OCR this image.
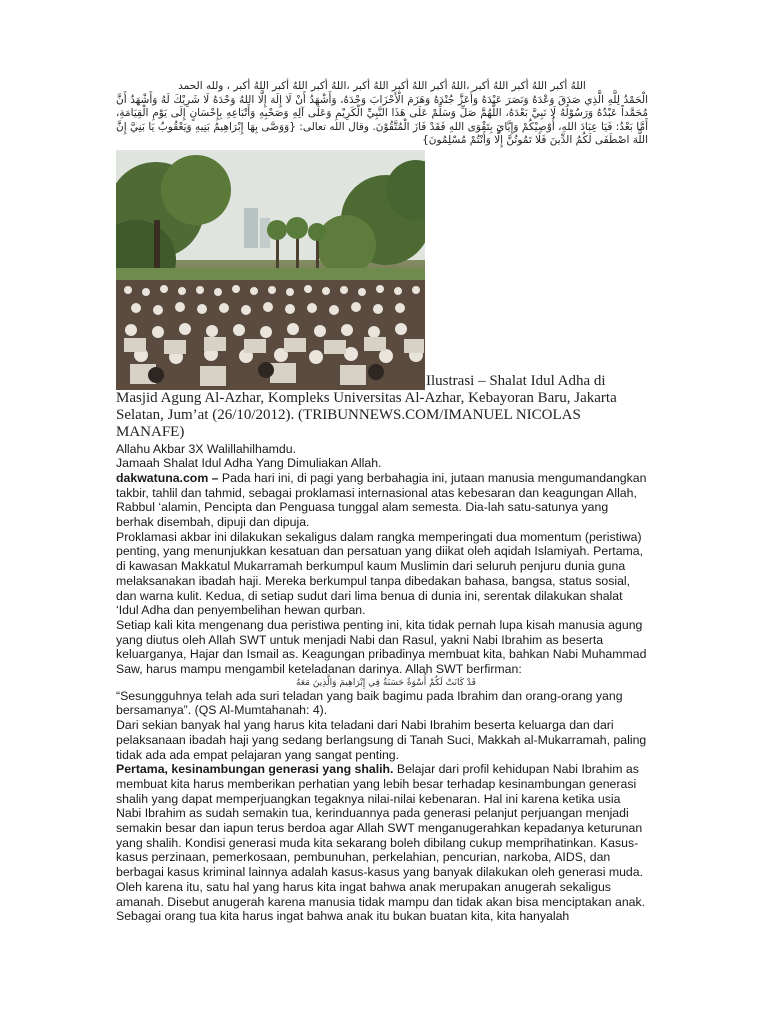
اللهُ أكبر اللهُ أكبر اللهُ أكبر ،اللهُ أكبر اللهُ أكبر اللهُ أكبر ،اللهُ أكبر اللهُ أكبر اللهُ أكبر ، ولله الحمد
الْحَمْدُ لِلَّهِ الَّذِي صَدَقَ وَعْدَهُ وَنَصَرَ عَبْدَهُ وَأَعَزَّ جُنْدَهُ وَهَزَمَ الْأَحْزَابَ وَحْدَهُ، وَأَشْهَدُ أَنْ لَا إِلَهَ إِلَّا اللهُ وَحْدَهُ لَا شَرِيْكَ لَهُ وَأَشْهَدُ أَنَّ مُحَمَّداً عَبْدُهُ وَرَسُوْلُهُ لَا نَبِيَّ بَعْدَهُ، اللَّهُمَّ صَلِّ وَسَلِّمْ عَلَى هَذَا النَّبِيِّ الْكَرِيْمِ وَعَلَى آلِهِ وَصَحْبِهِ وَأَتْبَاعِهِ بِإِحْسَانٍ إِلَى يَوْمِ الْقِيَامَةِ، أَمَّا بَعْدُ: فَيَا عِبَادَ اللهِ، أُوْصِيْكُمْ وَإِيَّايَ بِتَقْوَى اللهِ فَقَدْ فَازَ الْمُتَّقُوْنَ. وقال الله تعالى: {وَوَصَّى بِهَا إِبْرَاهِيمُ بَنِيهِ وَيَعْقُوبُ يَا بَنِيَّ إِنَّ اللَّهَ اصْطَفَى لَكُمُ الدِّينَ فَلَا تَمُوتُنَّ إِلَّا وَأَنْتُمْ مُسْلِمُونَ}
Ilustrasi – Shalat Idul Adha di Masjid Agung Al-Azhar, Kompleks Universitas Al-Azhar, Kebayoran Baru, Jakarta Selatan, Jum’at (26/10/2012). (TRIBUNNEWS.COM/IMANUEL NICOLAS MANAFE)

Allahu Akbar 3X Walillahilhamdu.

Jamaah Shalat Idul Adha Yang Dimuliakan Allah.

dakwatuna.com – Pada hari ini, di pagi yang berbahagia ini, jutaan manusia mengumandangkan takbir, tahlil dan tahmid, sebagai proklamasi internasional atas kebesaran dan keagungan Allah, Rabbul ‘alamin, Pencipta dan Penguasa tunggal alam semesta. Dia-lah satu-satunya yang berhak disembah, dipuji dan dipuja.

Proklamasi akbar ini dilakukan sekaligus dalam rangka memperingati dua momentum (peristiwa) penting, yang menunjukkan kesatuan dan persatuan yang diikat oleh aqidah Islamiyah. Pertama, di kawasan Makkatul Mukarramah berkumpul kaum Muslimin dari seluruh penjuru dunia guna melaksanakan ibadah haji. Mereka berkumpul tanpa dibedakan bahasa, bangsa, status sosial, dan warna kulit. Kedua, di setiap sudut dari lima benua di dunia ini, serentak dilakukan shalat ‘Idul Adha dan penyembelihan hewan qurban.

Setiap kali kita mengenang dua peristiwa penting ini, kita tidak pernah lupa kisah manusia agung yang diutus oleh Allah SWT untuk menjadi Nabi dan Rasul, yakni Nabi Ibrahim as beserta keluarganya, Hajar dan Ismail as. Keagungan pribadinya membuat kita, bahkan Nabi Muhammad Saw, harus mampu mengambil keteladanan darinya. Allah SWT berfirman:

قَدْ كَانَتْ لَكُمْ أُسْوَةٌ حَسَنَةٌ فِي إِبْرَاهِيمَ وَالَّذِينَ مَعَهُ

“Sesungguhnya telah ada suri teladan yang baik bagimu pada Ibrahim dan orang-orang yang bersamanya”. (QS Al-Mumtahanah: 4).

Dari sekian banyak hal yang harus kita teladani dari Nabi Ibrahim beserta keluarga dan dari pelaksanaan ibadah haji yang sedang berlangsung di Tanah Suci, Makkah al-Mukarramah, paling tidak ada ada empat pelajaran yang sangat penting.

Pertama, kesinambungan generasi yang shalih. Belajar dari profil kehidupan Nabi Ibrahim as membuat kita harus memberikan perhatian yang lebih besar terhadap kesinambungan generasi shalih yang dapat memperjuangkan tegaknya nilai-nilai kebenaran. Hal ini karena ketika usia Nabi Ibrahim as sudah semakin tua, kerinduannya pada generasi pelanjut perjuangan menjadi semakin besar dan iapun terus berdoa agar Allah SWT menganugerahkan kepadanya keturunan yang shalih. Kondisi generasi muda kita sekarang boleh dibilang cukup memprihatinkan. Kasus-kasus perzinaan, pemerkosaan, pembunuhan, perkelahian, pencurian, narkoba, AIDS, dan berbagai kasus kriminal lainnya adalah kasus-kasus yang banyak dilakukan oleh generasi muda.

Oleh karena itu, satu hal yang harus kita ingat bahwa anak merupakan anugerah sekaligus amanah. Disebut anugerah karena manusia tidak mampu dan tidak akan bisa menciptakan anak. Sebagai orang tua kita harus ingat bahwa anak itu bukan buatan kita, kita hanyalah
